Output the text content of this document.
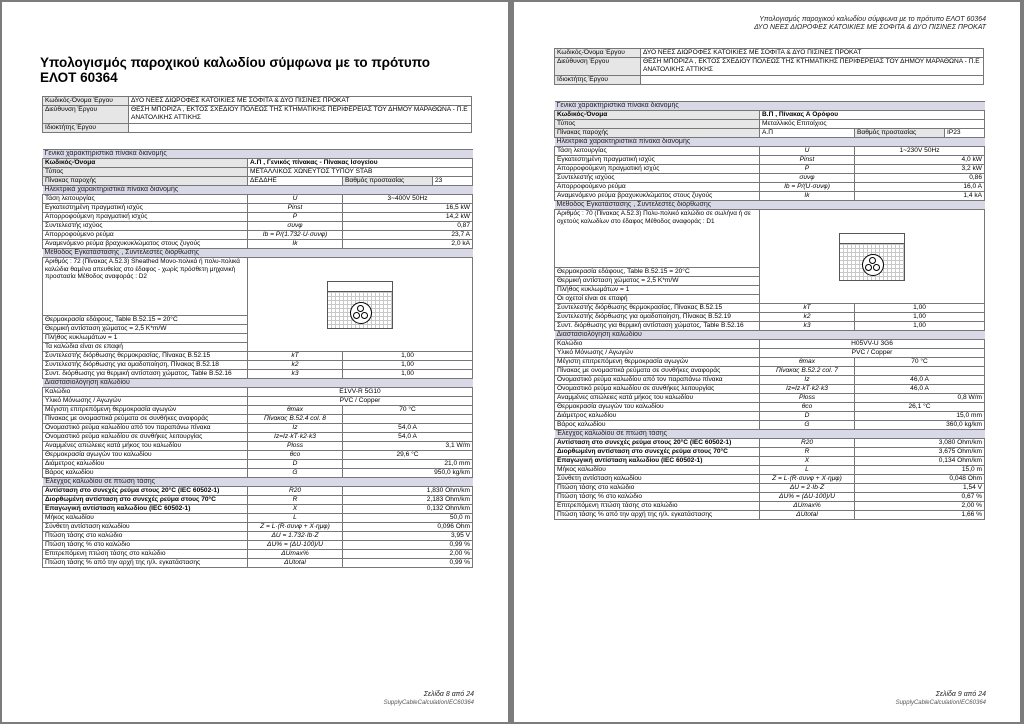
Υπολογισμός παροχικού καλωδίου σύμφωνα με το πρότυπο ΕΛΟΤ 60364
Κωδικός-Όνομα Έργου	ΔΥΟ ΝΕΕΣ ΔΙΩΡΟΦΕΣ ΚΑΤΟΙΚΙΕΣ ΜΕ ΣΟΦΙΤΑ & ΔΥΟ ΠΙΣΙΝΕΣ ΠΡΟΚΑΤ
Διεύθυνση Έργου	ΘΕΣΗ ΜΠΟΡΙΖΑ , ΕΚΤΟΣ ΣΧΕΔΙΟΥ ΠΟΛΕΩΣ ΤΗΣ ΚΤΗΜΑΤΙΚΗΣ ΠΕΡΙΦΕΡΕΙΑΣ ΤΟΥ ΔΗΜΟΥ ΜΑΡΑΘΩΝΑ - Π.Ε ΑΝΑΤΟΛΙΚΗΣ ΑΤΤΙΚΗΣ
Ιδιοκτήτης Έργου	
Γενικά χαρακτηριστικά πίνακα διανομής			
Κωδικός-Όνομα	Α.Π , Γενικός πίνακας - Πίνακας Ισογείου		
Τύπος	ΜΕΤΑΛΛΙΚΟΣ ΧΩΝΕΥΤΟΣ ΤΥΠΟΥ STAB		
Πίνακας παροχής	ΔΕΔΔΗΕ	Βαθμός προστασίας	23
Ηλεκτρικά χαρακτηριστικά πίνακα διανομής			
Τάση λειτουργίας	U	3~400V 50Hz	
Εγκατεστημένη πραγματική ισχύς	Pinst	16,5 kW	
Απορροφούμενη πραγματική ισχύς	P	14,2 kW	
Συντελεστής ισχύος	συνφ	0,87	
Απορροφούμενο ρεύμα	Ib = P/(1.732·U·συνφ)	23,7 A	
Αναμενόμενο ρεύμα βραχυκυκλώματος στους ζυγούς	Ik	2,0 kA	
Μέθοδος Εγκατάστασης , Συντελεστές διόρθωσης			

Αριθμός : 72 (Πίνακας Α.52.3) Sheathed Μονο-πολικά ή πολυ-πολικά καλώδια θαμένα απευθείας στο έδαφος - χωρίς πρόσθετη μηχανική προστασία Μέθοδος αναφοράς : D2			

Θερμοκρασία εδάφους, Table B.52.15 = 20°C			
Θερμική αντίσταση χώματος = 2,5 K*m/W			
Πλήθος κυκλωμάτων = 1			
Τα καλώδια είναι σε επαφή			
Συντελεστής διόρθωσης θερμοκρασίας, Πίνακας B.52.15	kT	1,00	
Συντελεστής διόρθωσης για ομαδοποίηση, Πίνακας B.52.18	k2	1,00	
Συντ. διόρθωσης για θερμική αντίσταση χώματος, Table B.52.16	k3	1,00	
Διαστασιολόγηση καλωδίου			
Καλώδιο	E1VV-R 5G10		
Υλικό Μόνωσης / Αγωγών	PVC / Copper		
Μέγιστη επιτρεπόμενη θερμοκρασία αγωγών	θmax	70 °C	
Πίνακας με ονομαστικά ρεύματα σε συνθήκες αναφοράς	Πίνακας B.52.4 col. 8		
Ονομαστικό ρεύμα καλωδίου από τον παραπάνω πίνακα	Iz	54,0 A	
Ονομαστικό ρεύμα καλωδίου σε συνθήκες λειτουργίας	Iz=Iz·kT·k2·k3	54,0 A	
Αναμμένες απώλειες κατά μήκος του καλωδίου	Ploss	3,1 W/m	
Θερμοκρασία αγωγών του καλωδίου	θco	29,6 °C	
Διάμετρος καλωδίου	D	21,0 mm	
Βάρος καλωδίου	G	950,0 kg/km	
Έλεγχος καλωδίου σε πτώση τάσης			
Αντίσταση στο συνεχές ρεύμα στους 20°C (IEC 60502-1)	R20	1,830 Ohm/km	
Διορθωμένη αντίσταση στο συνεχές ρεύμα στους 70°C	R	2,183 Ohm/km	
Επαγωγική αντίσταση καλωδίου (IEC 60502-1)	X	0,132 Ohm/km	
Μήκος καλωδίου	L	50,0 m	
Σύνθετη αντίσταση καλωδίου	Z = L·(R·συνφ + X·ημφ)	0,096 Ohm	
Πτώση τάσης στο καλώδιο	ΔU = 1.732·Ib·Z	3,95 V	
Πτώση τάσης % στο καλώδιο	ΔU% = (ΔU·100)/U	0,99 %	
Επιτρεπόμενη πτώση τάσης στο καλώδιο	ΔUmax%	2,00 %	
Πτώση τάσης % από την αρχή της η/λ. εγκατάστασης	ΔUtotal	0,99 %	
Σελίδα 8 από 24
SupplyCableCalculationIEC60364
Υπολογισμός παροχικού καλωδίου σύμφωνα με το πρότυπο ΕΛΟΤ 60364
ΔΥΟ ΝΕΕΣ ΔΙΩΡΟΦΕΣ ΚΑΤΟΙΚΙΕΣ ΜΕ ΣΟΦΙΤΑ & ΔΥΟ ΠΙΣΙΝΕΣ ΠΡΟΚΑΤ
Κωδικός-Όνομα Έργου	ΔΥΟ ΝΕΕΣ ΔΙΩΡΟΦΕΣ ΚΑΤΟΙΚΙΕΣ ΜΕ ΣΟΦΙΤΑ & ΔΥΟ ΠΙΣΙΝΕΣ ΠΡΟΚΑΤ
Διεύθυνση Έργου	ΘΕΣΗ ΜΠΟΡΙΖΑ , ΕΚΤΟΣ ΣΧΕΔΙΟΥ ΠΟΛΕΩΣ ΤΗΣ ΚΤΗΜΑΤΙΚΗΣ ΠΕΡΙΦΕΡΕΙΑΣ ΤΟΥ ΔΗΜΟΥ ΜΑΡΑΘΩΝΑ - Π.Ε ΑΝΑΤΟΛΙΚΗΣ ΑΤΤΙΚΗΣ
Ιδιοκτήτης Έργου	
Γενικά χαρακτηριστικά πίνακα διανομής			
Κωδικός-Όνομα	Β.Π , Πίνακας Α Ορόφου		
Τύπος	Μεταλλικός Επιτοίχιος		
Πίνακας παροχής	Α.Π	Βαθμός προστασίας	IP23
Ηλεκτρικά χαρακτηριστικά πίνακα διανομής			
Τάση λειτουργίας	U	1~230V 50Hz	
Εγκατεστημένη πραγματική ισχύς	Pinst	4,0 kW	
Απορροφούμενη πραγματική ισχύς	P	3,2 kW	
Συντελεστής ισχύος	συνφ	0,86	
Απορροφούμενο ρεύμα	Ib = P/(U·συνφ)	16,0 A	
Αναμενόμενο ρεύμα βραχυκυκλώματος στους ζυγούς	Ik	1,4 kA	
Μέθοδος Εγκατάστασης , Συντελεστές διόρθωσης			

Αριθμός : 70 (Πίνακας Α.52.3) Πολυ-πολικό καλώδιο σε σωλήνα ή σε οχετούς καλωδίων στο έδαφος Μέθοδος αναφοράς : D1			

Θερμοκρασία εδάφους, Table B.52.15 = 20°C			
Θερμική αντίσταση χώματος = 2,5 K*m/W			
Πλήθος κυκλωμάτων = 1			
Οι οχετοί είναι σε επαφή			
Συντελεστής διόρθωσης θερμοκρασίας, Πίνακας B.52.15	kT	1,00	
Συντελεστής διόρθωσης για ομαδοποίηση, Πίνακας B.52.19	k2	1,00	
Συντ. διόρθωσης για θερμική αντίσταση χώματος, Table B.52.16	k3	1,00	
Διαστασιολόγηση καλωδίου			
Καλώδιο	H05VV-U 3G6		
Υλικό Μόνωσης / Αγωγών	PVC / Copper		
Μέγιστη επιτρεπόμενη θερμοκρασία αγωγών	θmax	70 °C	
Πίνακας με ονομαστικά ρεύματα σε συνθήκες αναφοράς	Πίνακας B.52.2 col. 7		
Ονομαστικό ρεύμα καλωδίου από τον παραπάνω πίνακα	Iz	46,0 A	
Ονομαστικό ρεύμα καλωδίου σε συνθήκες λειτουργίας	Iz=Iz·kT·k2·k3	46,0 A	
Αναμμένες απώλειες κατά μήκος του καλωδίου	Ploss	0,8 W/m	
Θερμοκρασία αγωγών του καλωδίου	θco	26,1 °C	
Διάμετρος καλωδίου	D	15,0 mm	
Βάρος καλωδίου	G	360,0 kg/km	
Έλεγχος καλωδίου σε πτώση τάσης			
Αντίσταση στο συνεχές ρεύμα στους 20°C (IEC 60502-1)	R20	3,080 Ohm/km	
Διορθωμένη αντίσταση στο συνεχές ρεύμα στους 70°C	R	3,675 Ohm/km	
Επαγωγική αντίσταση καλωδίου (IEC 60502-1)	X	0,134 Ohm/km	
Μήκος καλωδίου	L	15,0 m	
Σύνθετη αντίσταση καλωδίου	Z = L·(R·συνφ + X·ημφ)	0,048 Ohm	
Πτώση τάσης στο καλώδιο	ΔU = 2·Ib·Z	1,54 V	
Πτώση τάσης % στο καλώδιο	ΔU% = (ΔU·100)/U	0,67 %	
Επιτρεπόμενη πτώση τάσης στο καλώδιο	ΔUmax%	2,00 %	
Πτώση τάσης % από την αρχή της η/λ. εγκατάστασης	ΔUtotal	1,66 %	
Σελίδα 9 από 24
SupplyCableCalculationIEC60364
